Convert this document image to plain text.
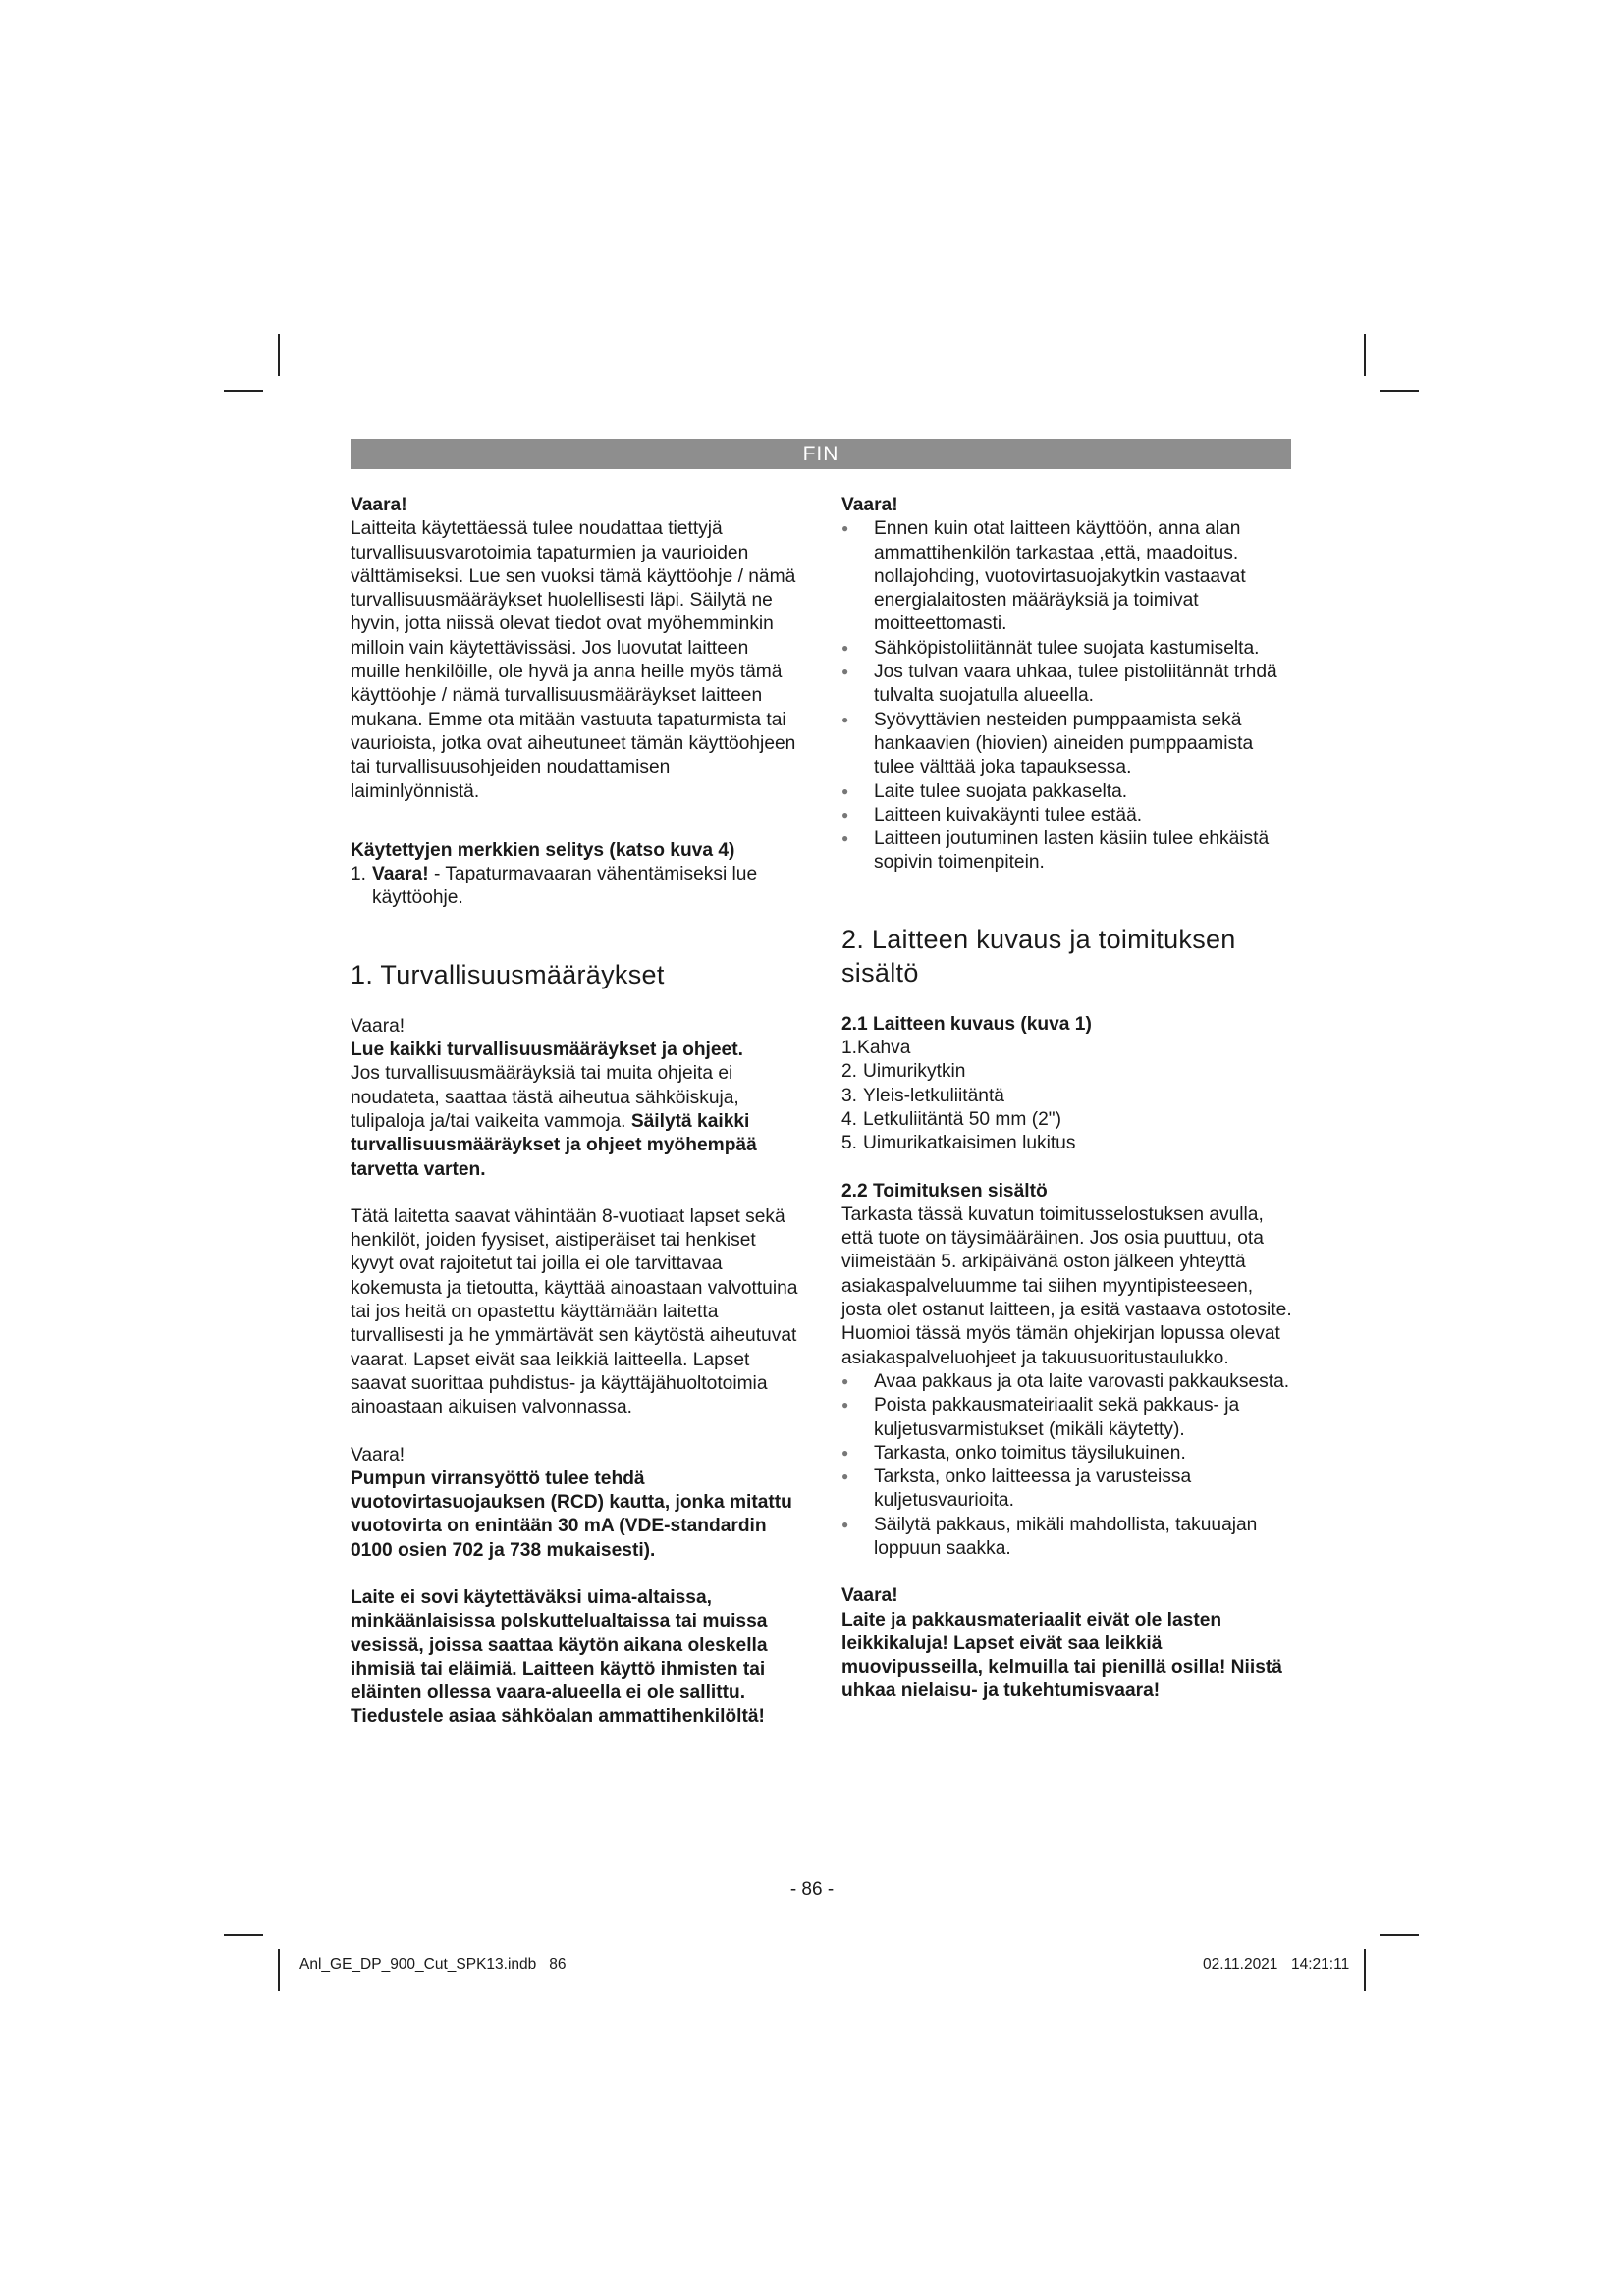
FIN

Vaara!

Laitteita käytettäessä tulee noudattaa tiettyjä turvallisuusvarotoimia tapaturmien ja vaurioiden välttämiseksi. Lue sen vuoksi tämä käyttöohje / nämä turvallisuusmääräykset huolellisesti läpi. Säilytä ne hyvin, jotta niissä olevat tiedot ovat myöhemminkin milloin vain käytettävissäsi. Jos luovutat laitteen muille henkilöille, ole hyvä ja anna heille myös tämä käyttöohje / nämä turvallisuusmääräykset laitteen mukana. Emme ota mitään vastuuta tapaturmista tai vaurioista, jotka ovat aiheutuneet tämän käyttöohjeen tai turvallisuusohjeiden noudattamisen laiminlyönnistä.

Käytettyjen merkkien selitys (katso kuva 4)

1. Vaara! - Tapaturmavaaran vähentämiseksi lue käyttöohje.
1. Turvallisuusmääräykset

Vaara!

Lue kaikki turvallisuusmääräykset ja ohjeet.

Jos turvallisuusmääräyksiä tai muita ohjeita ei noudateta, saattaa tästä aiheutua sähköiskuja, tulipaloja ja/tai vaikeita vammoja. Säilytä kaikki turvallisuusmääräykset ja ohjeet myöhempää tarvetta varten.

Tätä laitetta saavat vähintään 8-vuotiaat lapset sekä henkilöt, joiden fyysiset, aistiperäiset tai henkiset kyvyt ovat rajoitetut tai joilla ei ole tarvittavaa kokemusta ja tietoutta, käyttää ainoastaan valvottuina tai jos heitä on opastettu käyttämään laitetta turvallisesti ja he ymmärtävät sen käytöstä aiheutuvat vaarat. Lapset eivät saa leikkiä laitteella. Lapset saavat suorittaa puhdistus- ja käyttäjähuoltotoimia ainoastaan aikuisen valvonnassa.

Vaara!

Pumpun virransyöttö tulee tehdä vuotovirtasuojauksen (RCD) kautta, jonka mitattu vuotovirta on enintään 30 mA (VDE-standardin 0100 osien 702 ja 738 mukaisesti).

Laite ei sovi käytettäväksi uima-altaissa, minkäänlaisissa polskuttelualtaissa tai muissa vesissä, joissa saattaa käytön aikana oleskella ihmisiä tai eläimiä. Laitteen käyttö ihmisten tai eläinten ollessa vaara-alueella ei ole sallittu. Tiedustele asiaa sähköalan ammattihenkilöltä!

Vaara!

● Ennen kuin otat laitteen käyttöön, anna alan ammattihenkilön tarkastaa ,että, maadoitus. nollajohding, vuotovirtasuojakytkin vastaavat energialaitosten määräyksiä ja toimivat moitteettomasti.
● Sähköpistoliitännät tulee suojata kastumiselta.
● Jos tulvan vaara uhkaa, tulee pistoliitännät trhdä tulvalta suojatulla alueella.
● Syövyttävien nesteiden pumppaamista sekä hankaavien (hiovien) aineiden pumppaamista tulee välttää joka tapauksessa.
● Laite tulee suojata pakkaselta.
● Laitteen kuivakäynti tulee estää.
● Laitteen joutuminen lasten käsiin tulee ehkäistä sopivin toimenpitein.
2. Laitteen kuvaus ja toimituksen sisältö

2.1 Laitteen kuvaus (kuva 1)

1.Kahva
2. Uimurikytkin
3. Yleis-letkuliitäntä
4. Letkuliitäntä 50 mm (2")
5. Uimurikatkaisimen lukitus

2.2 Toimituksen sisältö

Tarkasta tässä kuvatun toimitusselostuksen avulla, että tuote on täysimääräinen. Jos osia puuttuu, ota viimeistään 5. arkipäivänä oston jälkeen yhteyttä asiakaspalveluumme tai siihen myyntipisteeseen, josta olet ostanut laitteen, ja esitä vastaava ostotosite. Huomioi tässä myös tämän ohjekirjan lopussa olevat asiakaspalveluohjeet ja takuusuoritustaulukko.

● Avaa pakkaus ja ota laite varovasti pakkauksesta.
● Poista pakkausmateiriaalit sekä pakkaus- ja kuljetusvarmistukset (mikäli käytetty).
● Tarkasta, onko toimitus täysilukuinen.
● Tarksta, onko laitteessa ja varusteissa kuljetusvaurioita.
● Säilytä pakkaus, mikäli mahdollista, takuuajan loppuun saakka.

Vaara!

Laite ja pakkausmateriaalit eivät ole lasten leikkikaluja! Lapset eivät saa leikkiä muovipusseilla, kelmuilla tai pienillä osilla! Niistä uhkaa nielaisu- ja tukehtumisvaara!

- 86 -
Anl_GE_DP_900_Cut_SPK13.indb   86	02.11.2021 14:21:11
